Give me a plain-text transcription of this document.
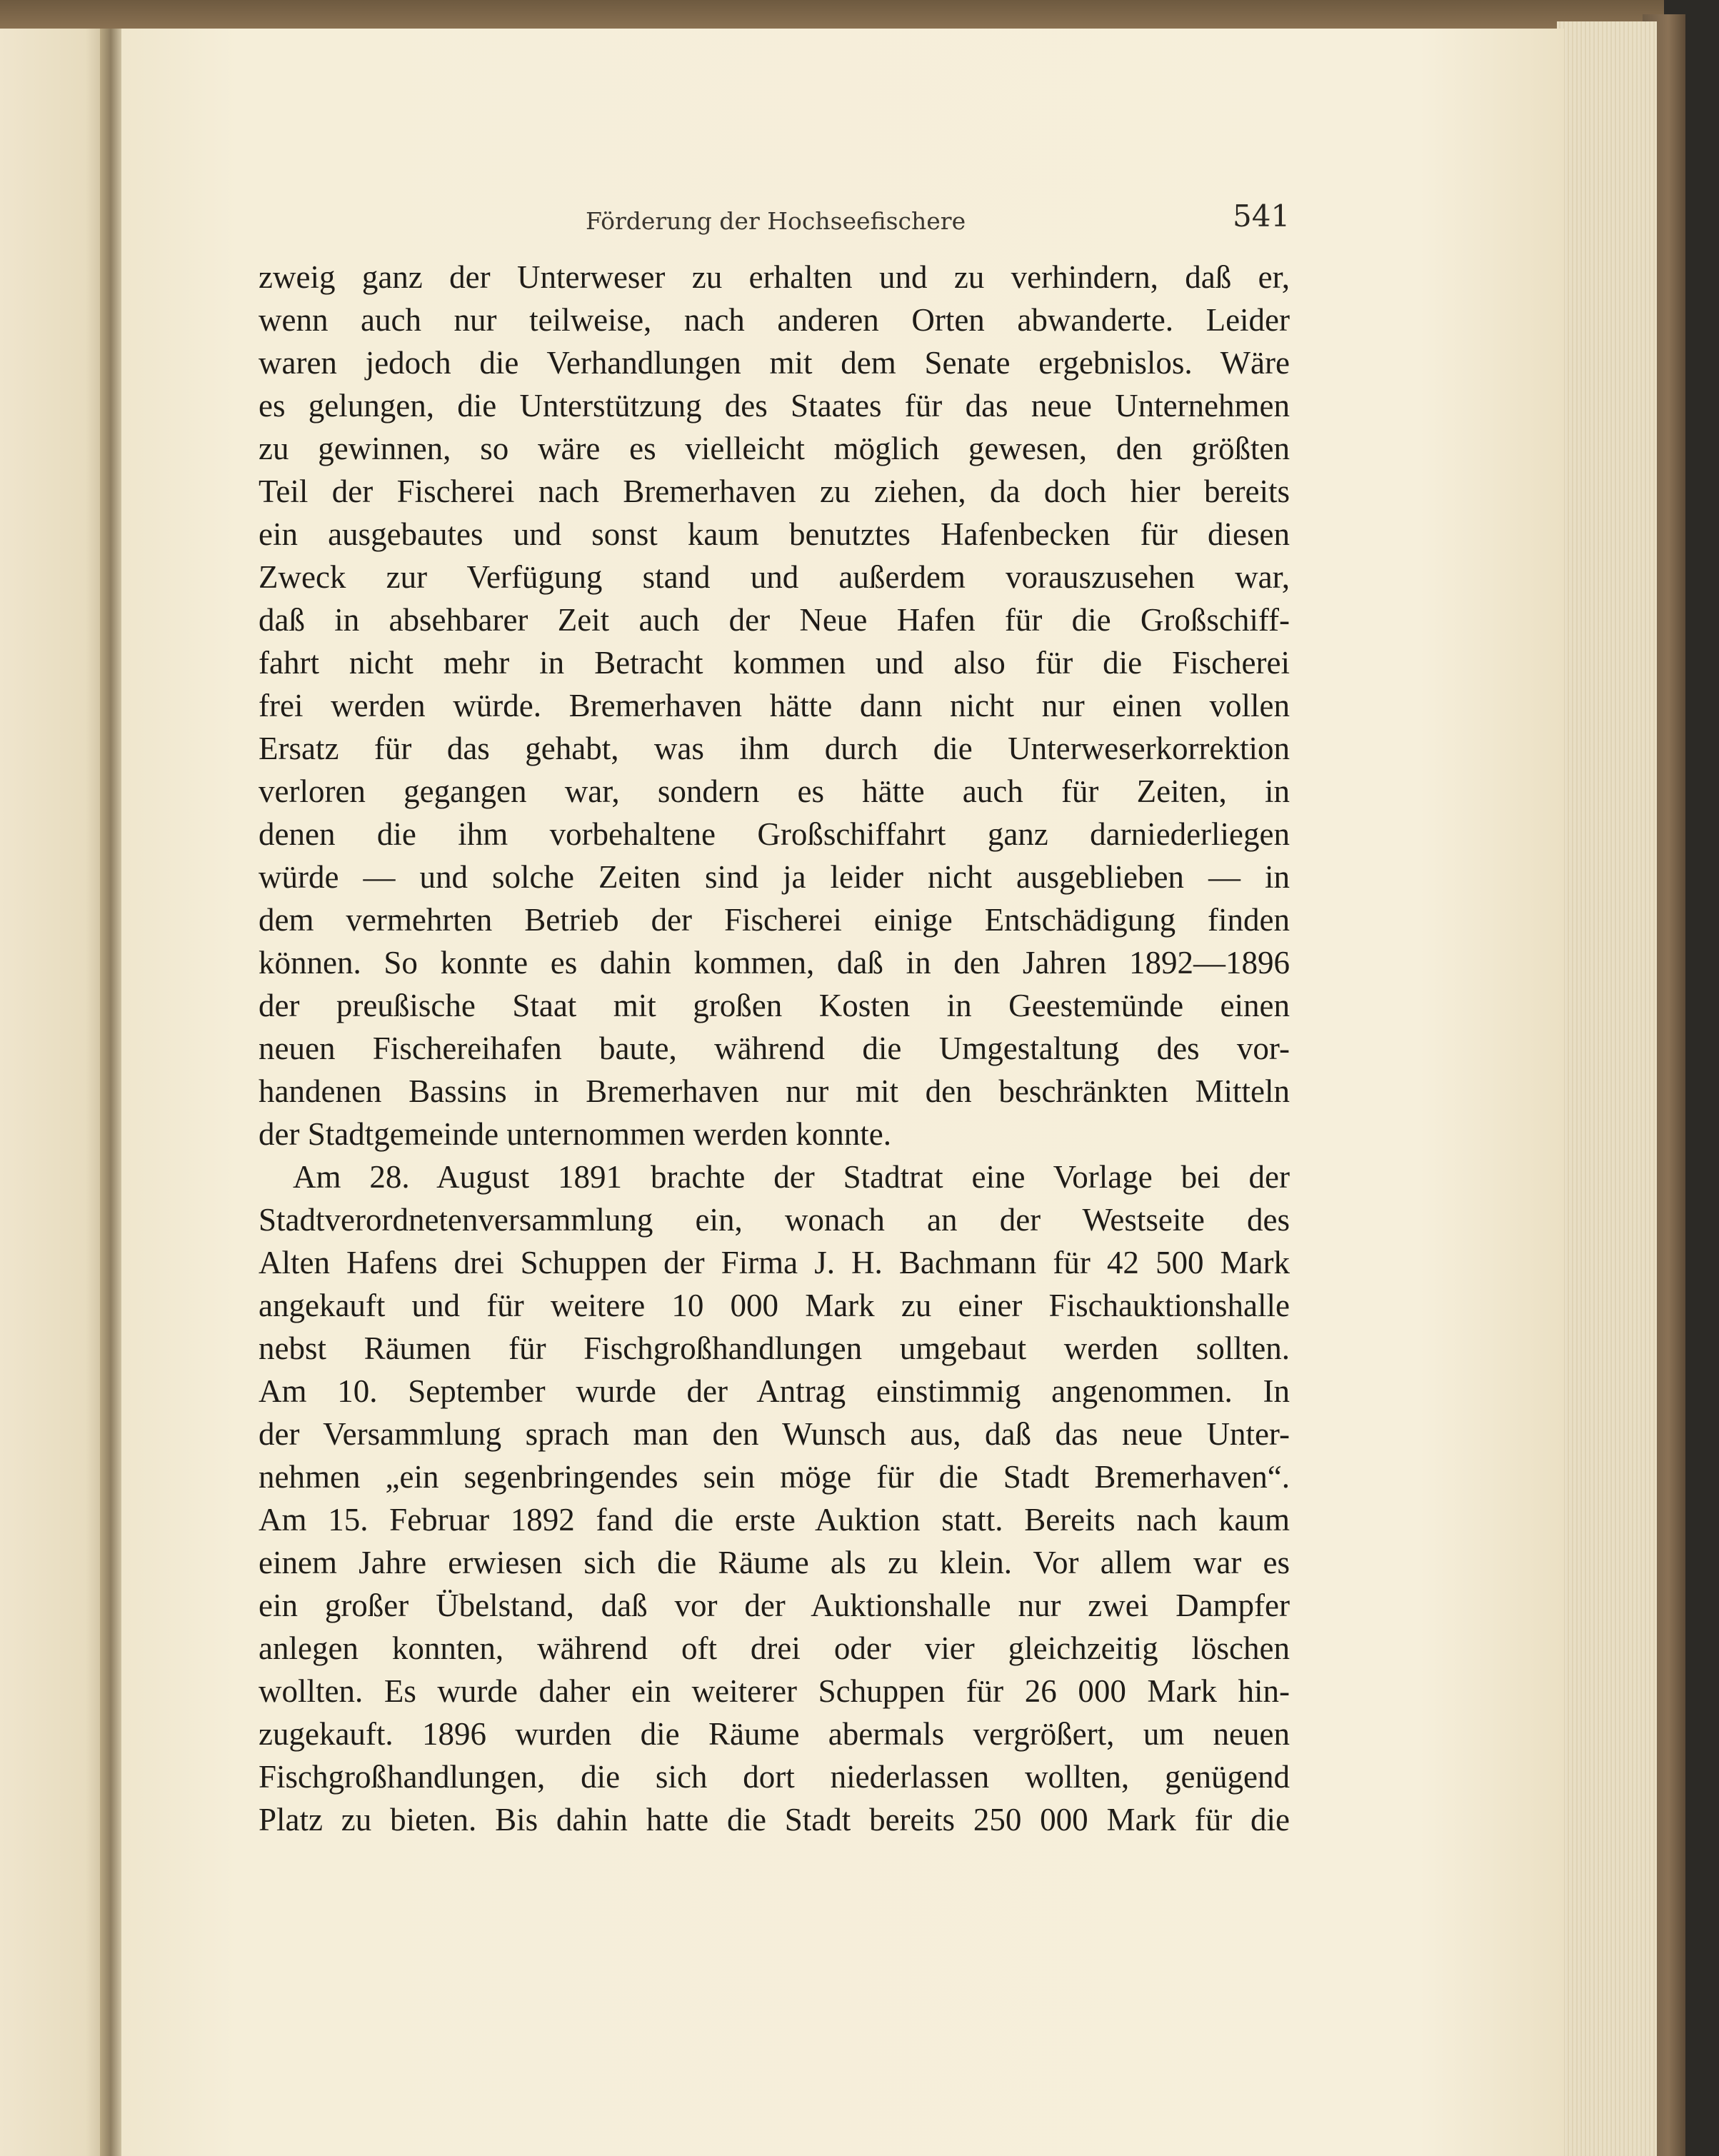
Förderung der Hochseefischere	541
zweig ganz der Unterweser zu erhalten und zu verhindern, daß er,
wenn auch nur teilweise, nach anderen Orten abwanderte. Leider
waren jedoch die Verhandlungen mit dem Senate ergebnislos. Wäre
es gelungen, die Unterstützung des Staates für das neue Unternehmen
zu gewinnen, so wäre es vielleicht möglich gewesen, den größten
Teil der Fischerei nach Bremerhaven zu ziehen, da doch hier bereits
ein ausgebautes und sonst kaum benutztes Hafenbecken für diesen
Zweck zur Verfügung stand und außerdem vorauszusehen war,
daß in absehbarer Zeit auch der Neue Hafen für die Großschiff-
fahrt nicht mehr in Betracht kommen und also für die Fischerei
frei werden würde. Bremerhaven hätte dann nicht nur einen vollen
Ersatz für das gehabt, was ihm durch die Unterweserkorrektion
verloren gegangen war, sondern es hätte auch für Zeiten, in
denen die ihm vorbehaltene Großschiffahrt ganz darniederliegen
würde — und solche Zeiten sind ja leider nicht ausgeblieben — in
dem vermehrten Betrieb der Fischerei einige Entschädigung finden
können. So konnte es dahin kommen, daß in den Jahren 1892—1896
der preußische Staat mit großen Kosten in Geestemünde einen
neuen Fischereihafen baute, während die Umgestaltung des vor-
handenen Bassins in Bremerhaven nur mit den beschränkten Mitteln
der Stadtgemeinde unternommen werden konnte.
Am 28. August 1891 brachte der Stadtrat eine Vorlage bei der
Stadtverordnetenversammlung ein, wonach an der Westseite des
Alten Hafens drei Schuppen der Firma J. H. Bachmann für 42 500 Mark
angekauft und für weitere 10 000 Mark zu einer Fischauktionshalle
nebst Räumen für Fischgroßhandlungen umgebaut werden sollten.
Am 10. September wurde der Antrag einstimmig angenommen. In
der Versammlung sprach man den Wunsch aus, daß das neue Unter-
nehmen „ein segenbringendes sein möge für die Stadt Bremerhaven“.
Am 15. Februar 1892 fand die erste Auktion statt. Bereits nach kaum
einem Jahre erwiesen sich die Räume als zu klein. Vor allem war es
ein großer Übelstand, daß vor der Auktionshalle nur zwei Dampfer
anlegen konnten, während oft drei oder vier gleichzeitig löschen
wollten. Es wurde daher ein weiterer Schuppen für 26 000 Mark hin-
zugekauft. 1896 wurden die Räume abermals vergrößert, um neuen
Fischgroßhandlungen, die sich dort niederlassen wollten, genügend
Platz zu bieten. Bis dahin hatte die Stadt bereits 250 000 Mark für die
